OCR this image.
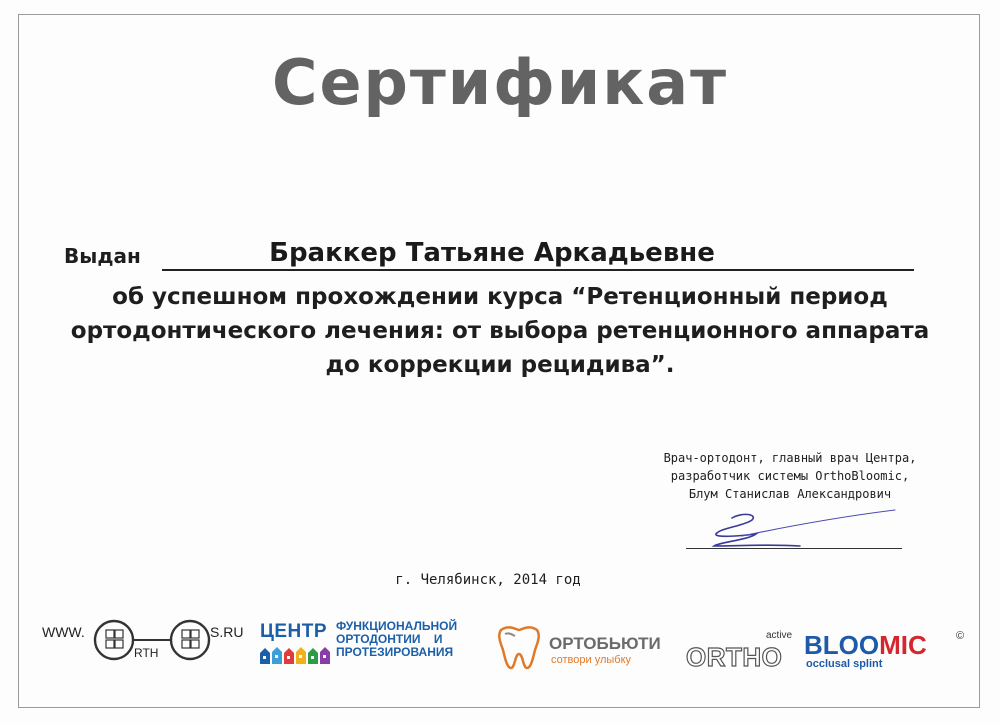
Сертификат
Выдан	Браккер Татьяне Аркадьевне
об успешном прохождении курса “Ретенционный период
ортодонтического лечения: от выбора ретенционного аппарата
до коррекции рецидива”.
Врач-ортодонт, главный врач Центра,
разработчик системы OrthoBloomic,
Блум Станислав Александрович
г. Челябинск, 2014 год
WWW.
RTH
S.RU ЦЕНТР ФУНКЦИОНАЛЬНОЙ
ОРТОДОНТИИ    И
ПРОТЕЗИРОВАНИЯ	ОРТОБЬЮТИ
сотвори улыбку
active
ORTHO BLOOMIC	©
occlusal splint
